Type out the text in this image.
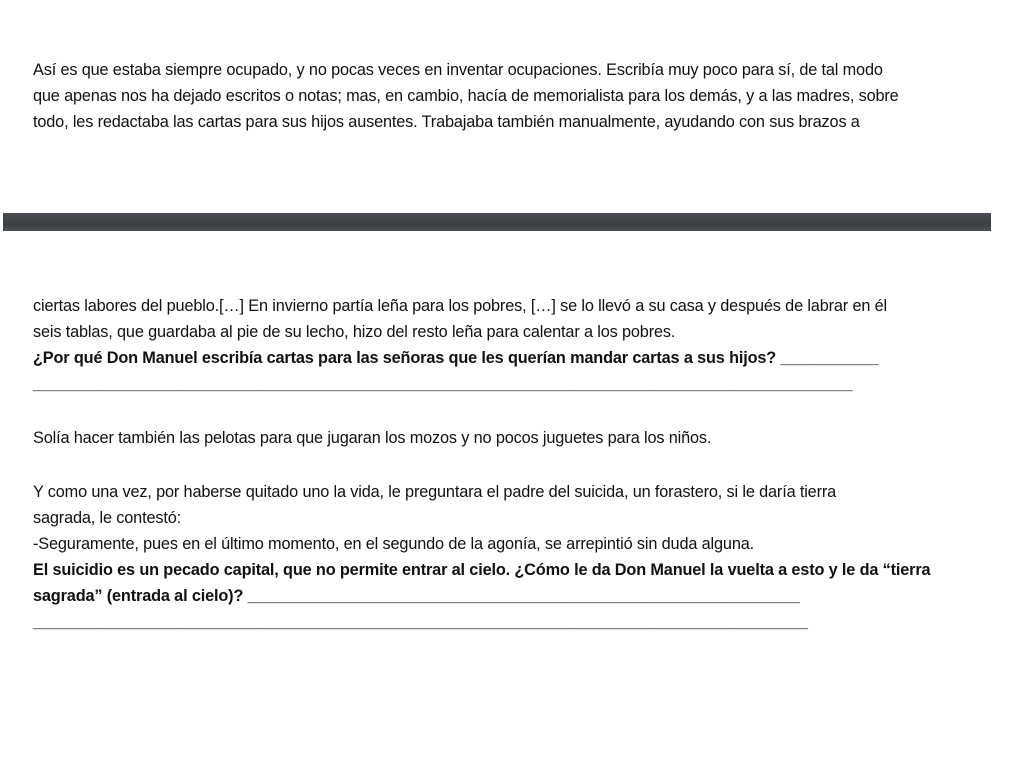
Así es que estaba siempre ocupado, y no pocas veces en inventar ocupaciones. Escribía muy poco para sí, de tal modo
que apenas nos ha dejado escritos o notas; mas, en cambio, hacía de memorialista para los demás, y a las madres, sobre
todo, les redactaba las cartas para sus hijos ausentes. Trabajaba también manualmente, ayudando con sus brazos a
ciertas labores del pueblo.[…] En invierno partía leña para los pobres, […] se lo llevó a su casa y después de labrar en él
seis tablas, que guardaba al pie de su lecho, hizo del resto leña para calentar a los pobres.
¿Por qué Don Manuel escribía cartas para las señoras que les querían mandar cartas a sus hijos? ___________
____________________________________________________________________________________________
Solía hacer también las pelotas para que jugaran los mozos y no pocos juguetes para los niños.
Y como una vez, por haberse quitado uno la vida, le preguntara el padre del suicida, un forastero, si le daría tierra
sagrada, le contestó:
-Seguramente, pues en el último momento, en el segundo de la agonía, se arrepintió sin duda alguna.
El suicidio es un pecado capital, que no permite entrar al cielo. ¿Cómo le da Don Manuel la vuelta a esto y le da “tierra
sagrada” (entrada al cielo)? ______________________________________________________________
_______________________________________________________________________________________
